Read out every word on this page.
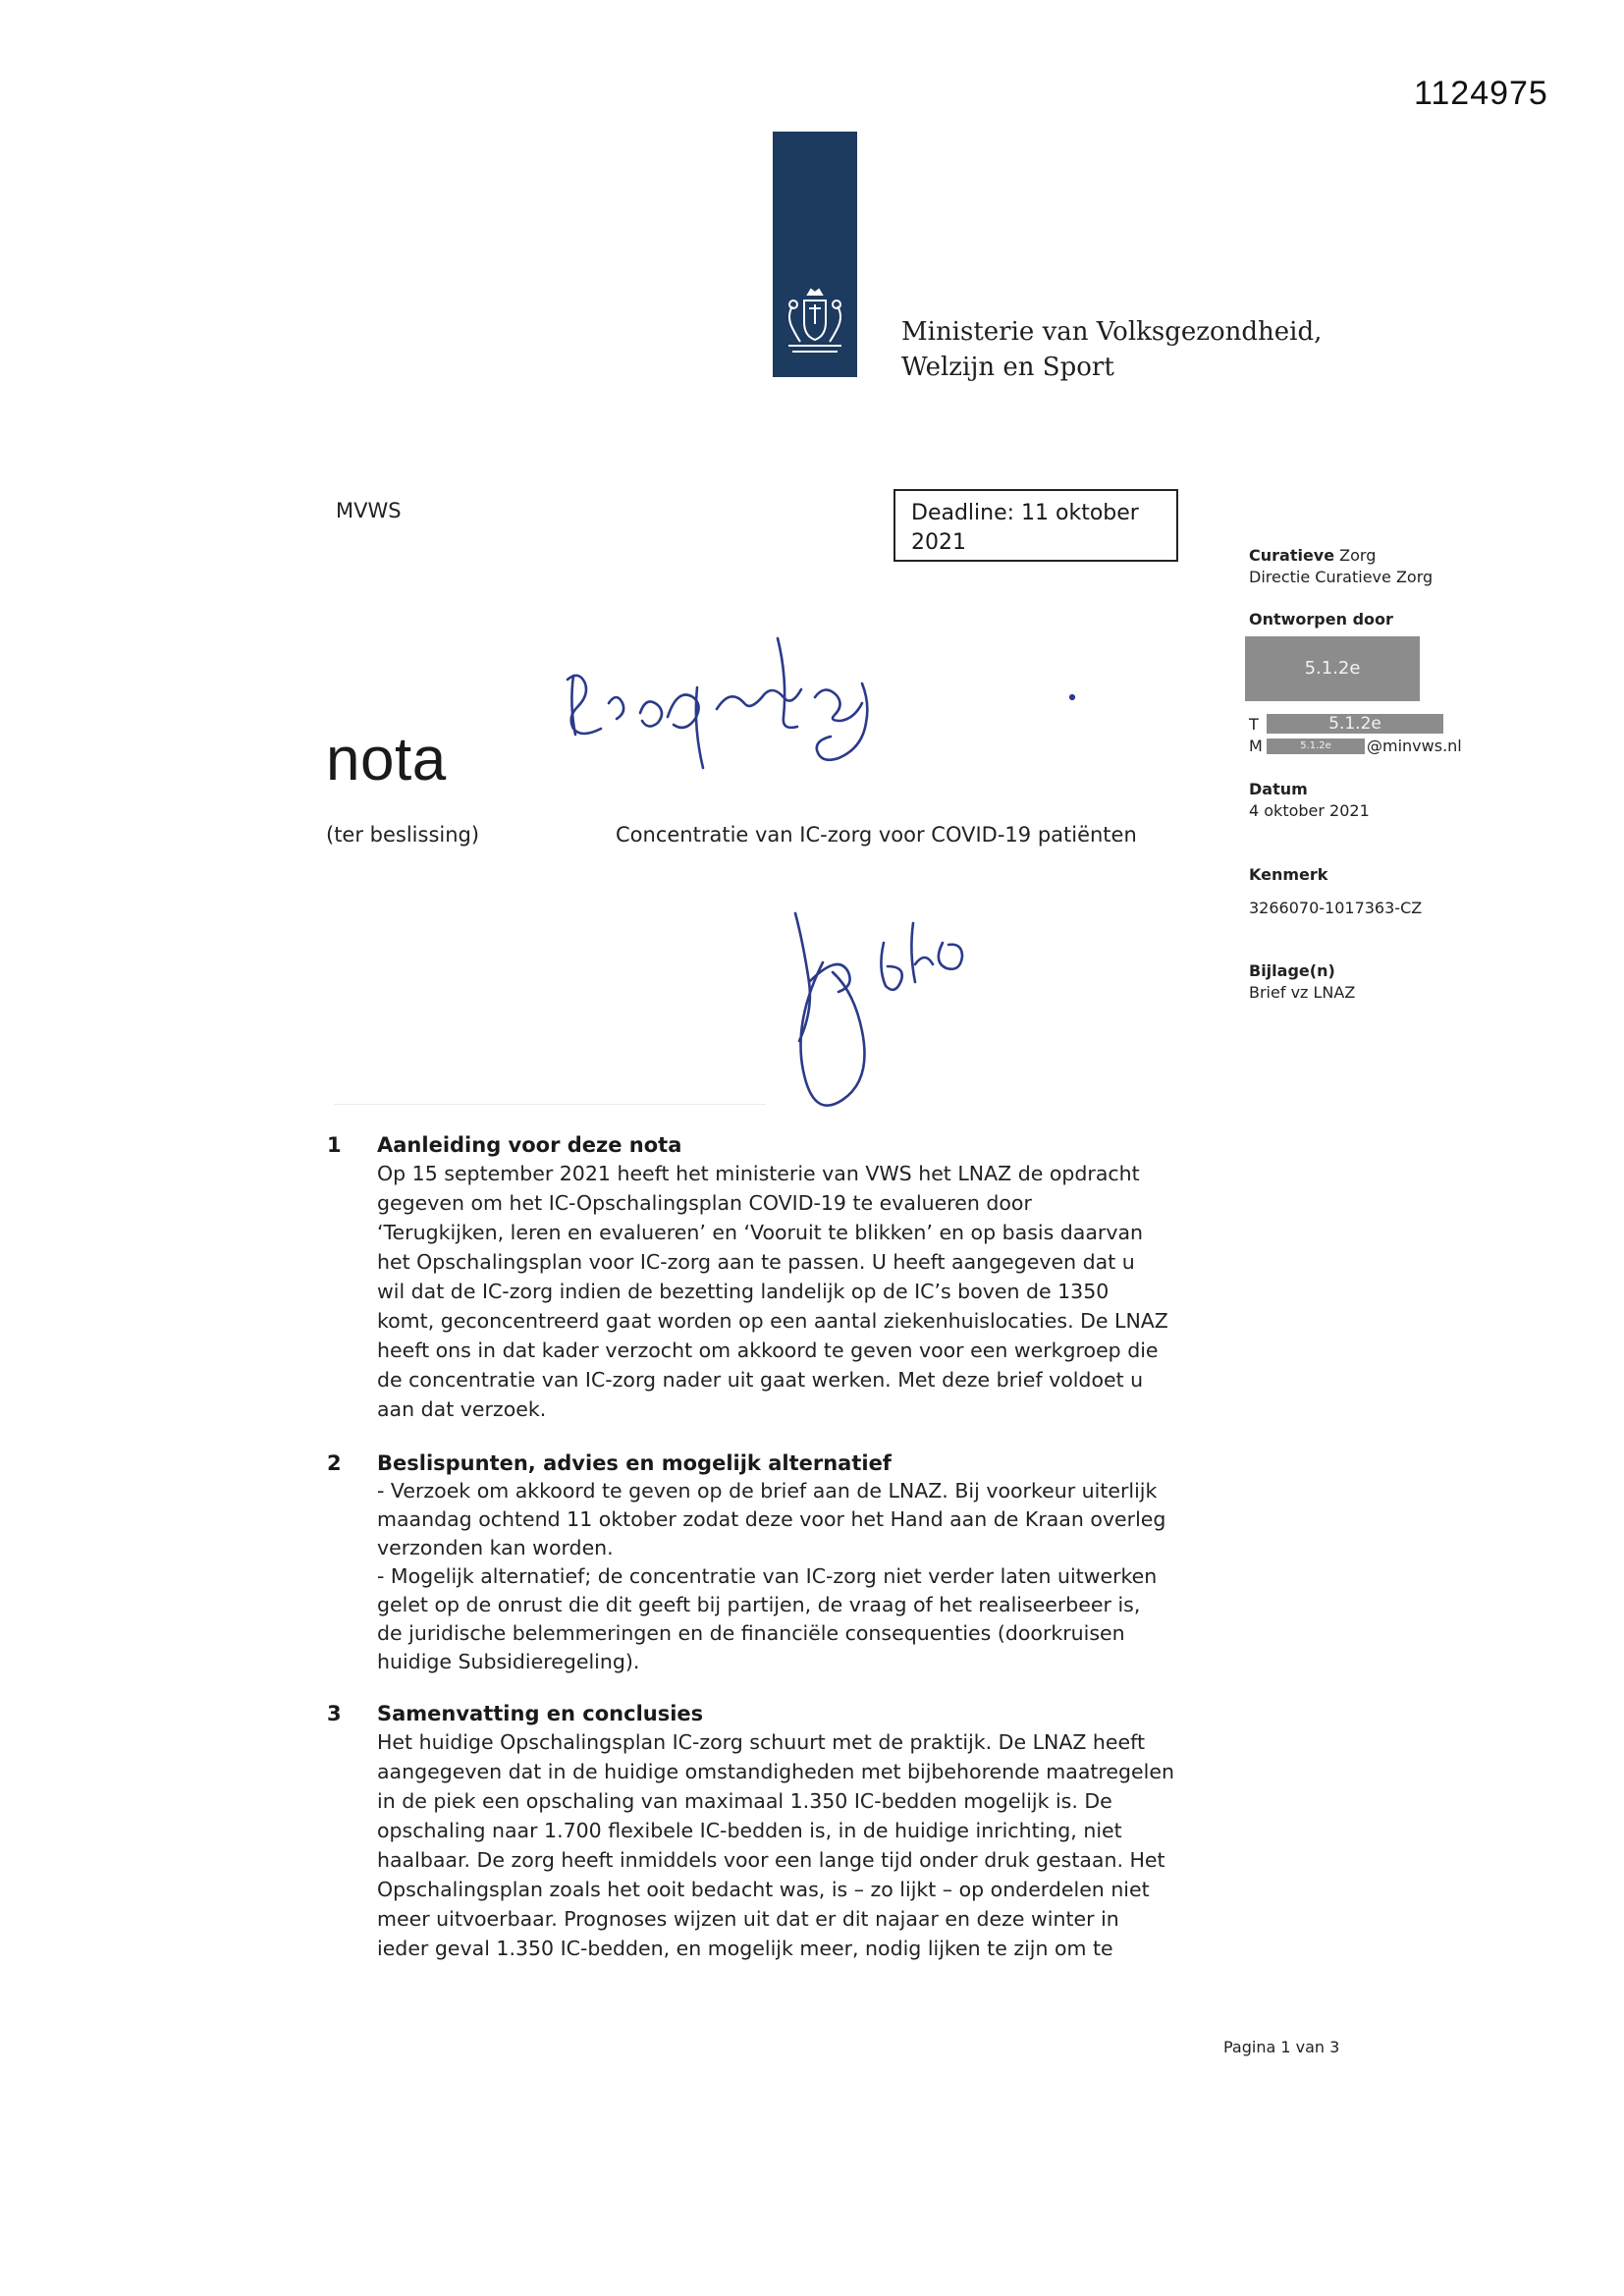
1124975
Ministerie van Volksgezondheid,
Welzijn en Sport
MVWS	Deadline: 11 oktober
2021
nota
(ter beslissing)	Concentratie van IC-zorg voor COVID-19 patiënten
Curatieve Zorg
Directie Curatieve Zorg
Ontworpen door
5.1.2e
T	5.1.2e
M	5.1.2e	@minvws.nl
Datum
4 oktober 2021
Kenmerk
3266070-1017363-CZ
Bijlage(n)
Brief vz LNAZ
1 Aanleiding voor deze nota

Op 15 september 2021 heeft het ministerie van VWS het LNAZ de opdracht

gegeven om het IC-Opschalingsplan COVID-19 te evalueren door

‘Terugkijken, leren en evalueren’ en ‘Vooruit te blikken’ en op basis daarvan

het Opschalingsplan voor IC-zorg aan te passen. U heeft aangegeven dat u

wil dat de IC-zorg indien de bezetting landelijk op de IC’s boven de 1350

komt, geconcentreerd gaat worden op een aantal ziekenhuislocaties. De LNAZ

heeft ons in dat kader verzocht om akkoord te geven voor een werkgroep die

de concentratie van IC-zorg nader uit gaat werken. Met deze brief voldoet u

aan dat verzoek.

2 Beslispunten, advies en mogelijk alternatief

- Verzoek om akkoord te geven op de brief aan de LNAZ. Bij voorkeur uiterlijk

maandag ochtend 11 oktober zodat deze voor het Hand aan de Kraan overleg

verzonden kan worden.

- Mogelijk alternatief; de concentratie van IC-zorg niet verder laten uitwerken

gelet op de onrust die dit geeft bij partijen, de vraag of het realiseerbeer is,

de juridische belemmeringen en de financiële consequenties (doorkruisen

huidige Subsidieregeling).

3 Samenvatting en conclusies

Het huidige Opschalingsplan IC-zorg schuurt met de praktijk. De LNAZ heeft

aangegeven dat in de huidige omstandigheden met bijbehorende maatregelen

in de piek een opschaling van maximaal 1.350 IC-bedden mogelijk is. De

opschaling naar 1.700 flexibele IC-bedden is, in de huidige inrichting, niet

haalbaar. De zorg heeft inmiddels voor een lange tijd onder druk gestaan. Het

Opschalingsplan zoals het ooit bedacht was, is – zo lijkt – op onderdelen niet

meer uitvoerbaar. Prognoses wijzen uit dat er dit najaar en deze winter in

ieder geval 1.350 IC-bedden, en mogelijk meer, nodig lijken te zijn om te

Pagina 1 van 3
